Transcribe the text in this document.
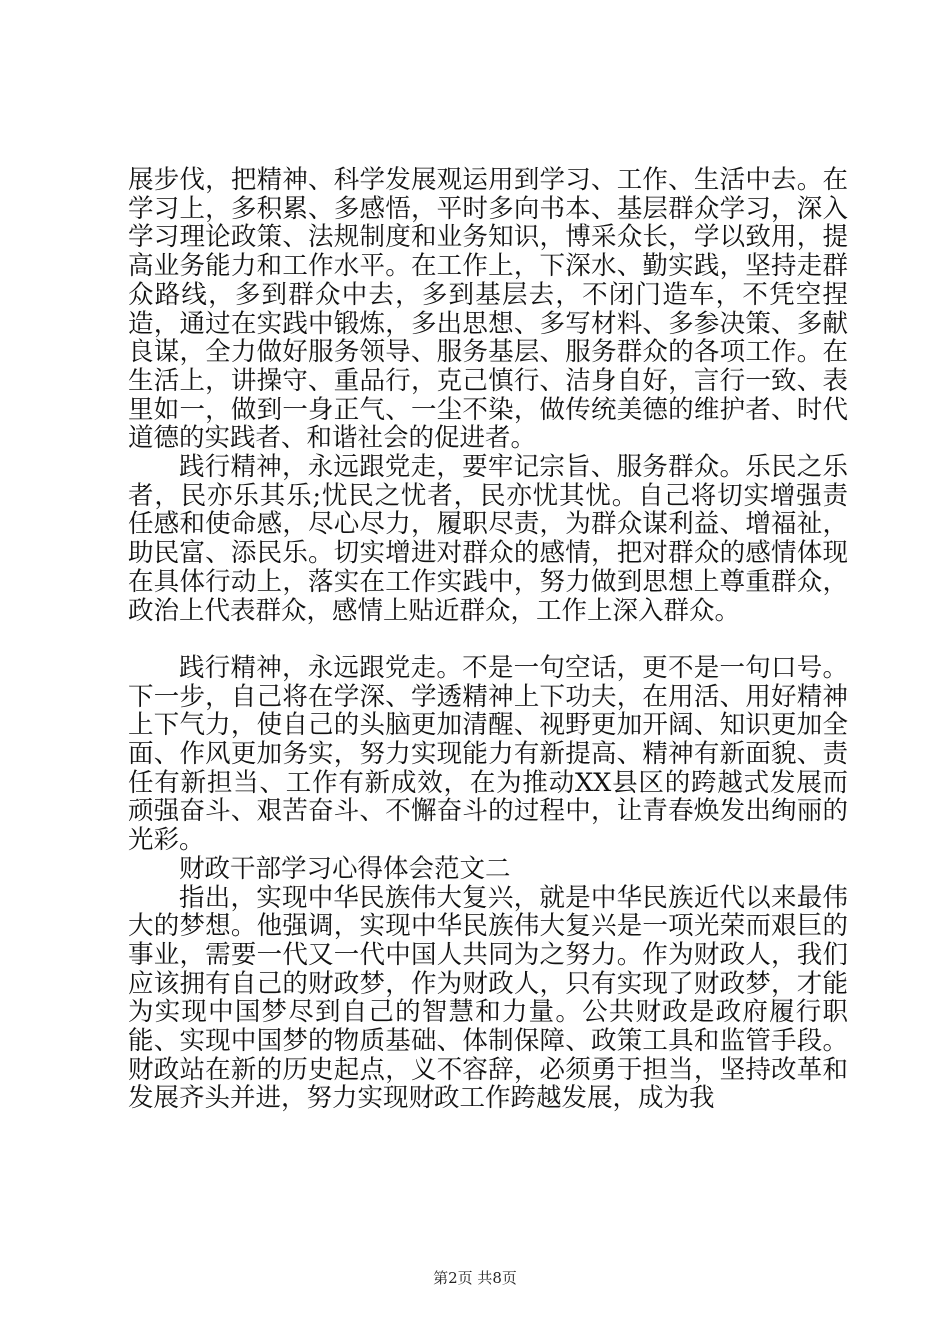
展步伐，把精神、科学发展观运用到学习、工作、生活中去。在学习上，多积累、多感悟，平时多向书本、基层群众学习，深入学习理论政策、法规制度和业务知识，博采众长，学以致用，提高业务能力和工作水平。在工作上，下深水、勤实践，坚持走群众路线，多到群众中去，多到基层去，不闭门造车，不凭空捏造，通过在实践中锻炼，多出思想、多写材料、多参决策、多献良谋，全力做好服务领导、服务基层、服务群众的各项工作。在生活上，讲操守、重品行，克己慎行、洁身自好，言行一致、表里如一，做到一身正气、一尘不染，做传统美德的维护者、时代道德的实践者、和谐社会的促进者。

践行精神，永远跟党走，要牢记宗旨、服务群众。乐民之乐者，民亦乐其乐;忧民之忧者，民亦忧其忧。自己将切实增强责任感和使命感，尽心尽力，履职尽责，为群众谋利益、增福祉，助民富、添民乐。切实增进对群众的感情，把对群众的感情体现在具体行动上，落实在工作实践中，努力做到思想上尊重群众，政治上代表群众，感情上贴近群众，工作上深入群众。

践行精神，永远跟党走。不是一句空话，更不是一句口号。下一步，自己将在学深、学透精神上下功夫，在用活、用好精神上下气力，使自己的头脑更加清醒、视野更加开阔、知识更加全面、作风更加务实，努力实现能力有新提高、精神有新面貌、责任有新担当、工作有新成效，在为推动XX县区的跨越式发展而顽强奋斗、艰苦奋斗、不懈奋斗的过程中，让青春焕发出绚丽的光彩。

财政干部学习心得体会范文二

指出，实现中华民族伟大复兴，就是中华民族近代以来最伟大的梦想。他强调，实现中华民族伟大复兴是一项光荣而艰巨的事业，需要一代又一代中国人共同为之努力。作为财政人，我们应该拥有自己的财政梦，作为财政人，只有实现了财政梦，才能为实现中国梦尽到自己的智慧和力量。公共财政是政府履行职能、实现中国梦的物质基础、体制保障、政策工具和监管手段。财政站在新的历史起点，义不容辞，必须勇于担当，坚持改革和发展齐头并进，努力实现财政工作跨越发展，成为我

第2页 共8页
